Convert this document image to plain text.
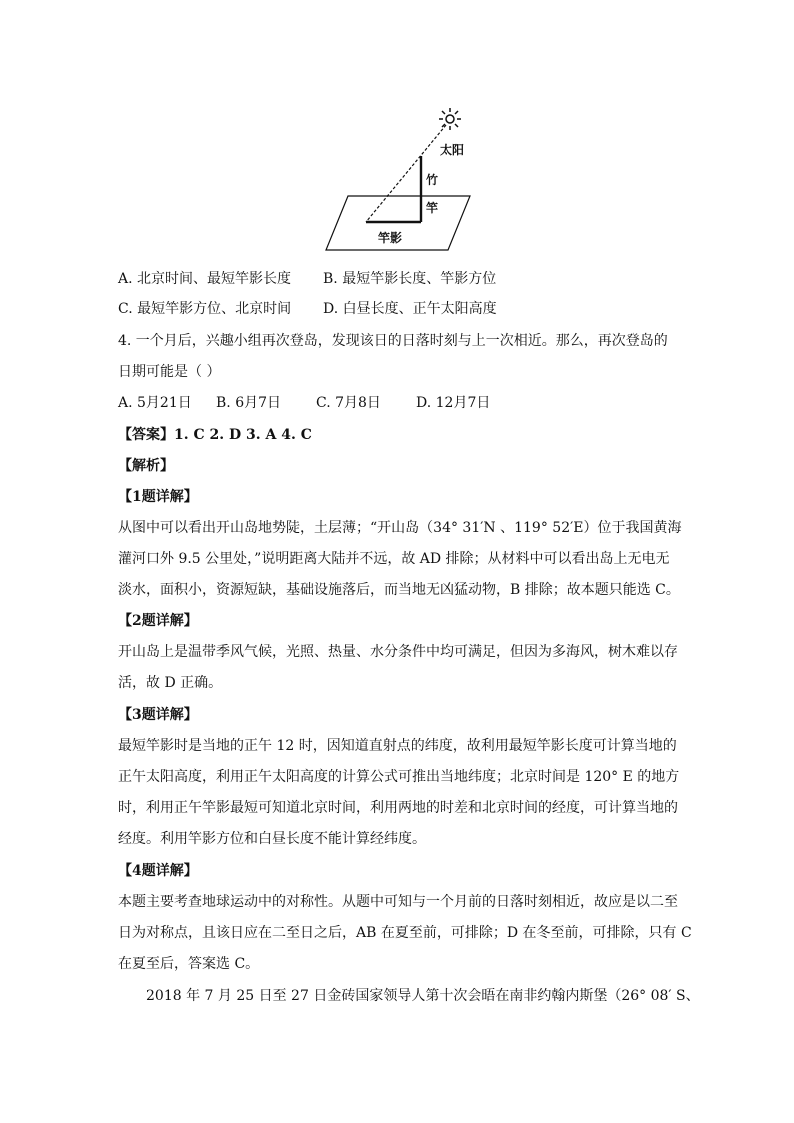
太阳
竹
竿
竿影
A. 北京时间、最短竿影长度 B. 最短竿影长度、竿影方位
C. 最短竿影方位、北京时间 D. 白昼长度、正午太阳高度
4. 一个月后，兴趣小组再次登岛，发现该日的日落时刻与上一次相近。那么，再次登岛的
日期可能是（ ）
A. 5月21日 B. 6月7日 C. 7月8日	D. 12月7日
【答案】1. C 2. D 3. A 4. C
【解析】
【1题详解】
从图中可以看出开山岛地势陡，土层薄；“开山岛（34° 31′N 、119° 52′E）位于我国黄海
灌河口外 9.5 公里处，”说明距离大陆并不远，故 AD 排除；从材料中可以看出岛上无电无
淡水，面积小，资源短缺，基础设施落后，而当地无凶猛动物，B 排除；故本题只能选 C。
【2题详解】
开山岛上是温带季风气候，光照、热量、水分条件中均可满足，但因为多海风，树木难以存
活，故 D 正确。
【3题详解】
最短竿影时是当地的正午 12 时，因知道直射点的纬度，故利用最短竿影长度可计算当地的
正午太阳高度，利用正午太阳高度的计算公式可推出当地纬度；北京时间是 120° E 的地方
时，利用正午竿影最短可知道北京时间，利用两地的时差和北京时间的经度，可计算当地的
经度。利用竿影方位和白昼长度不能计算经纬度。
【4题详解】
本题主要考查地球运动中的对称性。从题中可知与一个月前的日落时刻相近，故应是以二至
日为对称点，且该日应在二至日之后，AB 在夏至前，可排除；D 在冬至前，可排除，只有 C
在夏至后，答案选 C。
2018 年 7 月 25 日至 27 日金砖国家领导人第十次会晤在南非约翰内斯堡（26° 08′ S、
